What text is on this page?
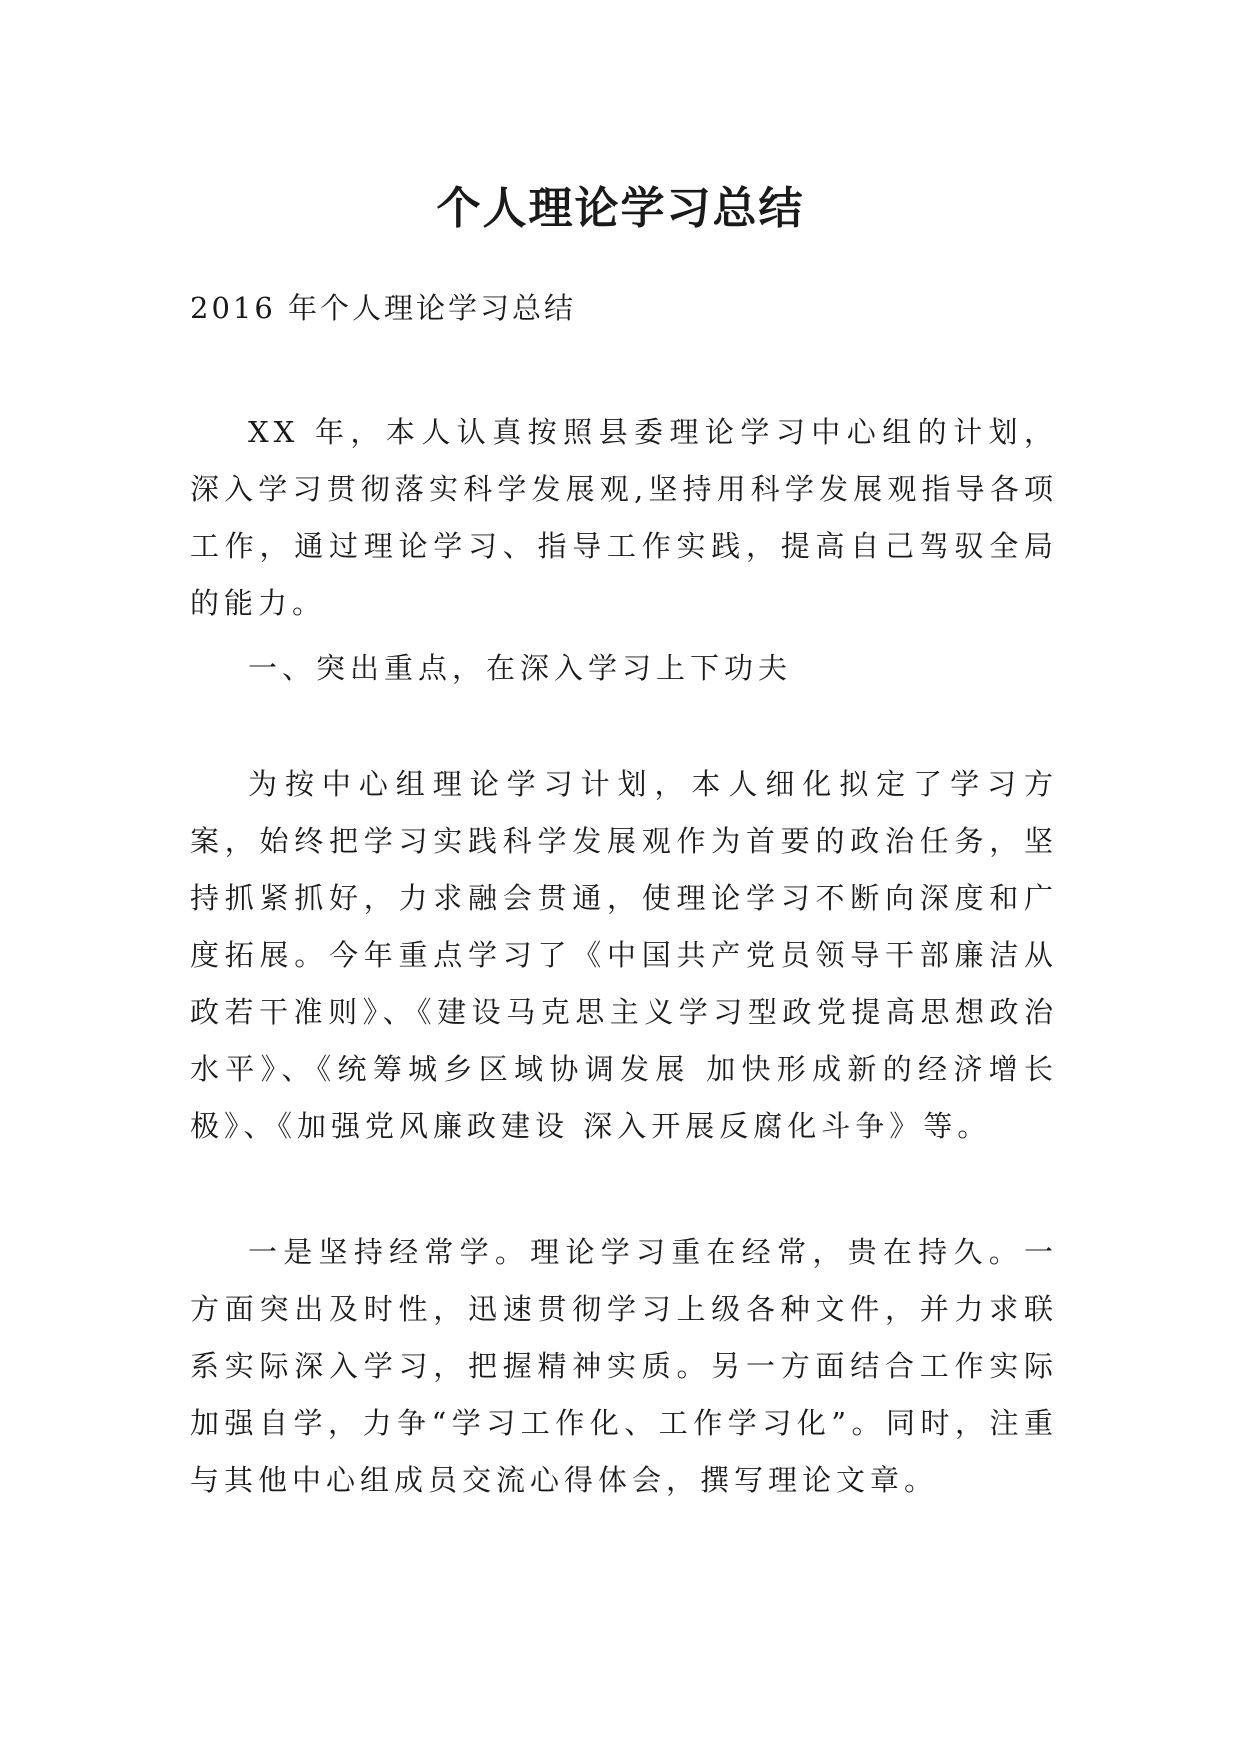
个人理论学习总结
2016 年个人理论学习总结

XX 年，本人认真按照县委理论学习中心组的计划，深入学习贯彻落实科学发展观,坚持用科学发展观指导各项工作，通过理论学习、指导工作实践，提高自己驾驭全局的能力。

一、突出重点，在深入学习上下功夫

为按中心组理论学习计划，本人细化拟定了学习方案，始终把学习实践科学发展观作为首要的政治任务，坚持抓紧抓好，力求融会贯通，使理论学习不断向深度和广度拓展。今年重点学习了《中国共产党员领导干部廉洁从政若干准则》、《建设马克思主义学习型政党提高思想政治水平》、《统筹城乡区域协调发展 加快形成新的经济增长极》、《加强党风廉政建设 深入开展反腐化斗争》等。

一是坚持经常学。理论学习重在经常，贵在持久。一方面突出及时性，迅速贯彻学习上级各种文件，并力求联系实际深入学习，把握精神实质。另一方面结合工作实际加强自学，力争“学习工作化、工作学习化”。同时，注重与其他中心组成员交流心得体会，撰写理论文章。
